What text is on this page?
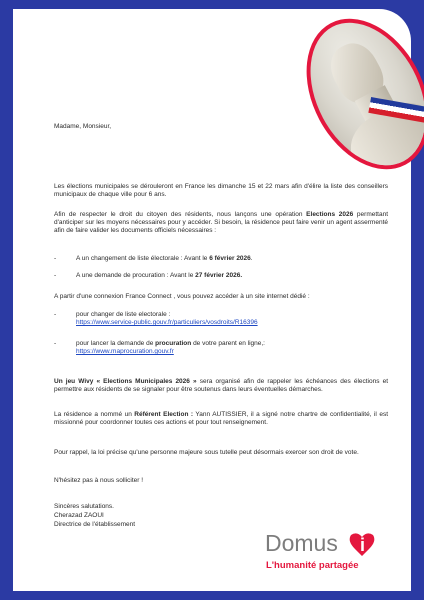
Madame, Monsieur,
Les élections municipales se dérouleront en France les dimanche 15 et 22 mars afin d'élire la liste des conseillers municipaux de chaque ville pour 6 ans.
Afin de respecter le droit du citoyen des résidents, nous lançons une opération Elections 2026 permettant d'anticiper sur les moyens nécessaires pour y accéder. Si besoin, la résidence peut faire venir un agent assermenté afin de faire valider les documents officiels nécessaires :
-	A un changement de liste électorale : Avant le 6 février 2026.
-	A une demande de procuration : Avant le 27 février 2026.
A partir d'une connexion France Connect , vous pouvez accéder à un site internet dédié :
-	pour changer de liste electorale :
https://www.service-public.gouv.fr/particuliers/vosdroits/R16396
-	pour lancer la demande de procuration de votre parent en ligne,:
https://www.maprocuration.gouv.fr
Un jeu Wivy « Elections Municipales 2026 » sera organisé afin de rappeler les échéances des élections et permettre aux résidents de se signaler pour être soutenus dans leurs éventuelles démarches.
La résidence a nommé un Référent Election : Yann AUTISSIER, il a signé notre chartre de confidentialité, il est missionné pour coordonner toutes ces actions et pour tout renseignement.
Pour rappel, la loi précise qu'une personne majeure sous tutelle peut désormais exercer son droit de vote.
N'hésitez pas à nous solliciter !
Sincères salutations.
Cherazad ZAOUI
Directrice de l'établissement
Domus i
L'humanité partagée
